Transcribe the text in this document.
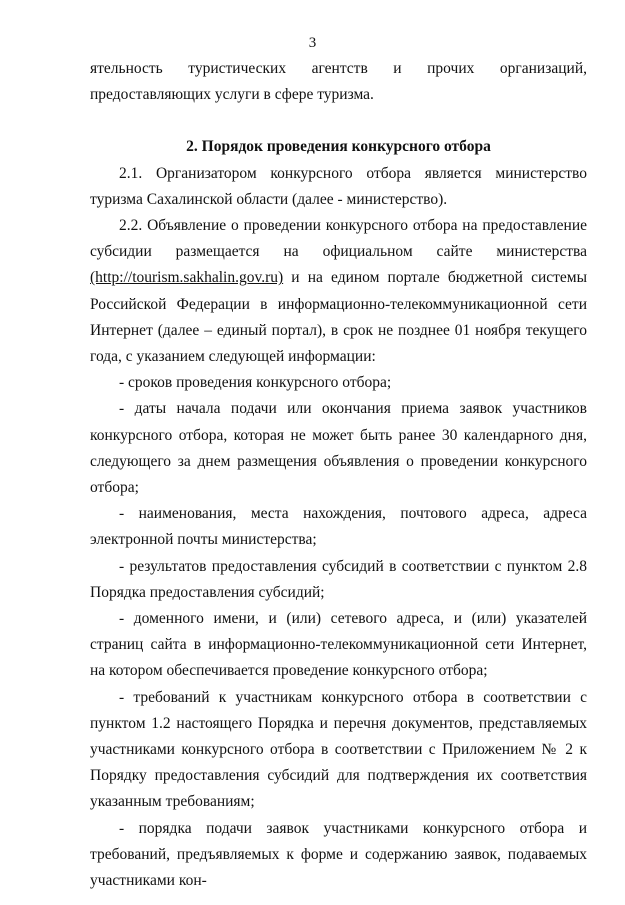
3

ятельность туристических агентств и прочих организаций, предоставляющих услуги в сфере туризма.

2. Порядок проведения конкурсного отбора

2.1. Организатором конкурсного отбора является министерство туризма Сахалинской области (далее - министерство).

2.2. Объявление о проведении конкурсного отбора на предоставление субсидии размещается на официальном сайте министерства (http://tourism.sakhalin.gov.ru) и на едином портале бюджетной системы Российской Федерации в информационно-телекоммуникационной сети Интернет (далее – единый портал), в срок не позднее 01 ноября текущего года, с указанием следующей информации:

- сроков проведения конкурсного отбора;

- даты начала подачи или окончания приема заявок участников конкурсного отбора, которая не может быть ранее 30 календарного дня, следующего за днем размещения объявления о проведении конкурсного отбора;

- наименования, места нахождения, почтового адреса, адреса электронной почты министерства;

- результатов предоставления субсидий в соответствии с пунктом 2.8 Порядка предоставления субсидий;

- доменного имени, и (или) сетевого адреса, и (или) указателей страниц сайта в информационно-телекоммуникационной сети Интернет, на котором обеспечивается проведение конкурсного отбора;

- требований к участникам конкурсного отбора в соответствии с пунктом 1.2 настоящего Порядка и перечня документов, представляемых участниками конкурсного отбора в соответствии с Приложением № 2 к Порядку предоставления субсидий для подтверждения их соответствия указанным требованиям;

- порядка подачи заявок участниками конкурсного отбора и требований, предъявляемых к форме и содержанию заявок, подаваемых участниками кон-
